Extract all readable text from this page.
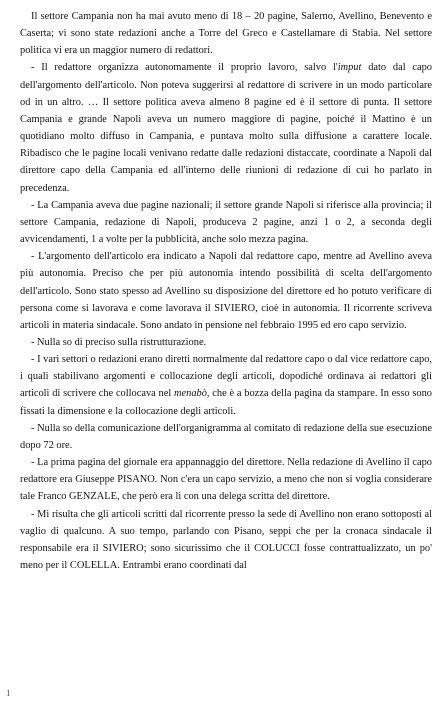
Il settore Campania non ha mai avuto meno di 18 – 20 pagine, Salerno, Avellino, Benevento e Caserta; vi sono state redazioni anche a Torre del Greco e Castellamare di Stabia. Nel settore politica vi era un maggior numero di redattori.

- Il redattore organizza autonomamente il proprio lavoro, salvo l'imput dato dal capo dell'argomento dell'articolo. Non poteva suggerirsi al redattore di scrivere in un modo particolare od in un altro. … Il settore politica aveva almeno 8 pagine ed è il settore di punta. Il settore Campania e grande Napoli aveva un numero maggiore di pagine, poiché il Mattino è un quotidiano molto diffuso in Campania, e puntava molto sulla diffusione a carattere locale. Ribadisco che le pagine locali venivano redatte dalle redazioni distaccate, coordinate a Napoli dal direttore capo della Campania ed all'interno delle riunioni di redazione di cui ho parlato in precedenza.

- La Campania aveva due pagine nazionali; il settore grande Napoli si riferisce alla provincia; il settore Campania, redazione di Napoli, produceva 2 pagine, anzi 1 o 2, a seconda degli avvicendamenti, 1 a volte per la pubblicità, anche solo mezza pagina.

- L'argomento dell'articolo era indicato a Napoli dal redattore capo, mentre ad Avellino aveva più autonomia. Preciso che per più autonomia intendo possibilità di scelta dell'argomento dell'articolo. Sono stato spesso ad Avellino su disposizione del direttore ed ho potuto verificare di persona come si lavorava e come lavorava il SIVIERO, cioè in autonomia. Il ricorrente scriveva articoli in materia sindacale. Sono andato in pensione nel febbraio 1995 ed ero capo servizio.

- Nulla so di preciso sulla ristrutturazione.

- I vari settori o redazioni erano diretti normalmente dal redattore capo o dal vice redattore capo, i quali stabilivano argomenti e collocazione degli articoli, dopodiché ordinava ai redattori gli articoli di scrivere che collocava nel menabò, che è a bozza della pagina da stampare. In esso sono fissati la dimensione e la collocazione degli articoli.

- Nulla so della comunicazione dell'organigramma al comitato di redazione della sue esecuzione dopo 72 ore.

- La prima pagina del giornale era appannaggio del direttore. Nella redazione di Avellino il capo redattore era Giuseppe PISANO. Non c'era un capo servizio, a meno che non si voglia considerare tale Franco GENZALE, che però era lì con una delega scritta del direttore.

- Mi risulta che gli articoli scritti dal ricorrente presso la sede di Avellino non erano sottoposti al vaglio di qualcuno. A suo tempo, parlando con Pisano, seppi che per la cronaca sindacale il responsabile era il SIVIERO; sono sicurissimo che il COLUCCI fosse contrattualizzato, un po' meno per il COLELLA. Entrambi erano coordinati dal

1
